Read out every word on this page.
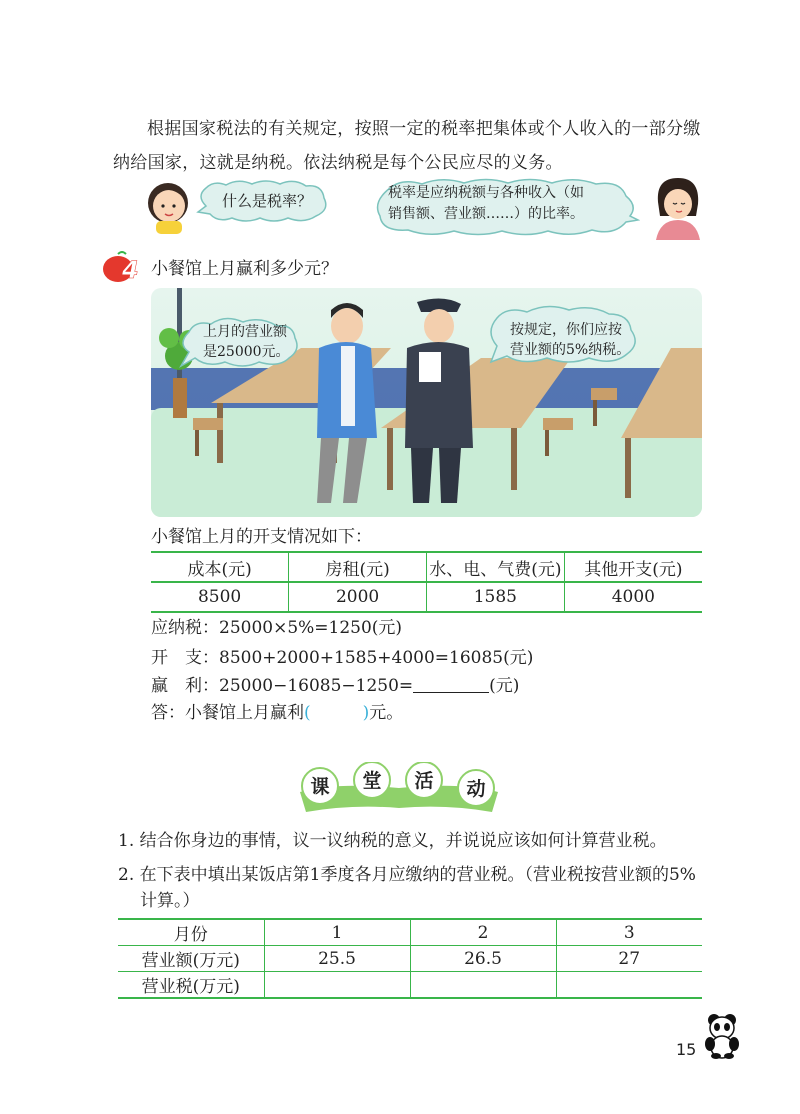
根据国家税法的有关规定，按照一定的税率把集体或个人收入的一部分缴纳给国家，这就是纳税。依法纳税是每个公民应尽的义务。
什么是税率？	税率是应纳税额与各种收入（如
销售额、营业额……）的比率。
4 小餐馆上月赢利多少元？
上月的营业额
是25000元。
按规定，你们应按
营业额的5%纳税。
小餐馆上月的开支情况如下：
成本(元)	房租(元)	水、电、气费(元)	其他开支(元)
8500	2000	1585	4000
应纳税：25000×5%=1250(元)
开　支：8500+2000+1585+4000=16085(元)
赢　利：25000−16085−1250=	(元)
答：小餐馆上月赢利(	)元。
课 堂 活 动
1. 结合你身边的事情，议一议纳税的意义，并说说应该如何计算营业税。
2. 在下表中填出某饭店第1季度各月应缴纳的营业税。（营业税按营业额的5%
计算。）
月份	1	2	3
营业额(万元)	25.5	26.5	27
营业税(万元)			
15
